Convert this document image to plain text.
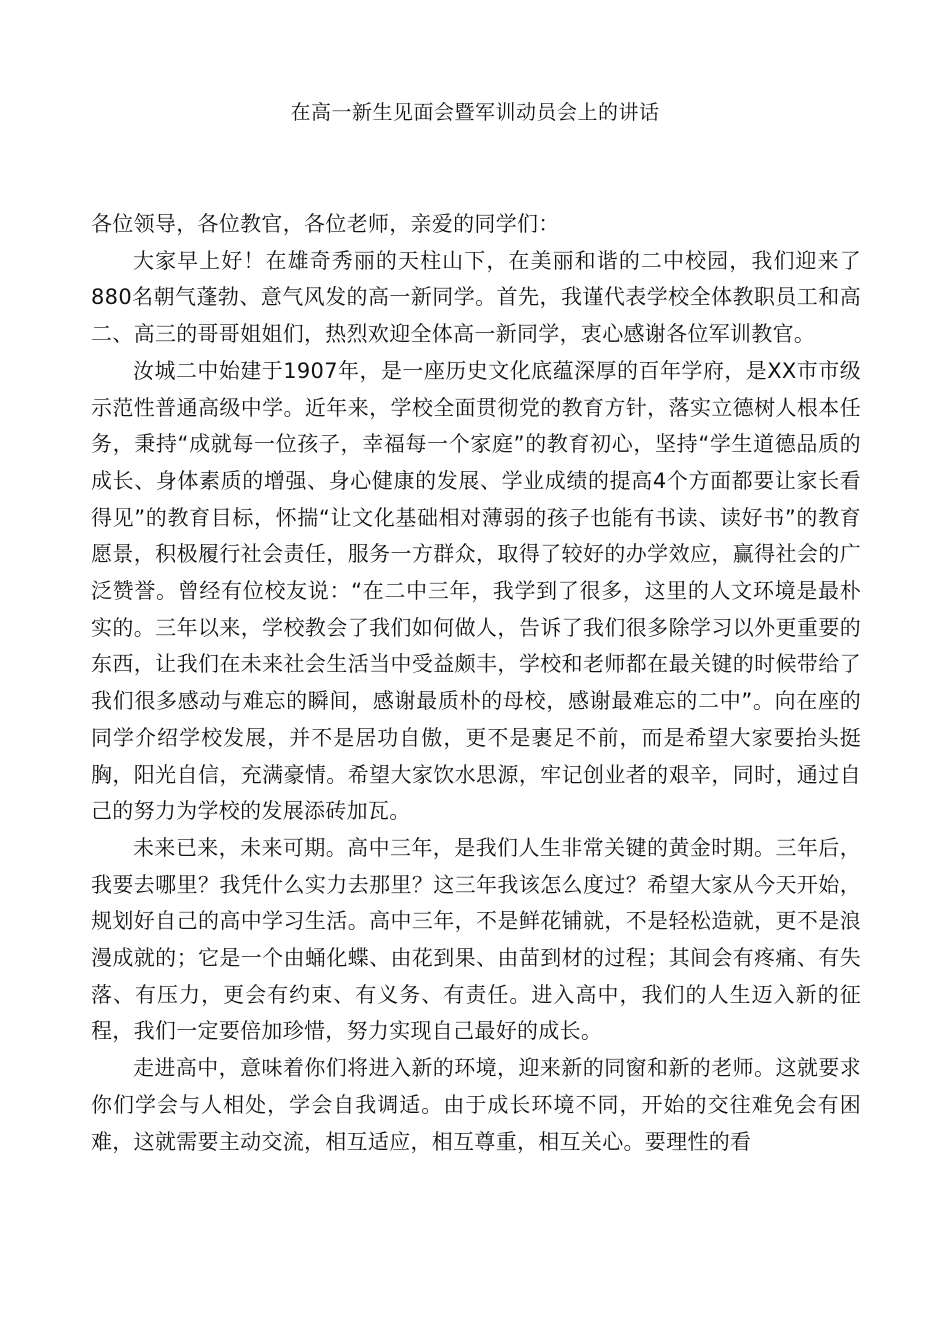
在高一新生见面会暨军训动员会上的讲话

各位领导，各位教官，各位老师，亲爱的同学们：

大家早上好！在雄奇秀丽的天柱山下，在美丽和谐的二中校园，我们迎来了880名朝气蓬勃、意气风发的高一新同学。首先，我谨代表学校全体教职员工和高二、高三的哥哥姐姐们，热烈欢迎全体高一新同学，衷心感谢各位军训教官。

汝城二中始建于1907年，是一座历史文化底蕴深厚的百年学府，是XX市市级示范性普通高级中学。近年来，学校全面贯彻党的教育方针，落实立德树人根本任务，秉持“成就每一位孩子，幸福每一个家庭”的教育初心，坚持“学生道德品质的成长、身体素质的增强、身心健康的发展、学业成绩的提高4个方面都要让家长看得见”的教育目标，怀揣“让文化基础相对薄弱的孩子也能有书读、读好书”的教育愿景，积极履行社会责任，服务一方群众，取得了较好的办学效应，赢得社会的广泛赞誉。曾经有位校友说：“在二中三年，我学到了很多，这里的人文环境是最朴实的。三年以来，学校教会了我们如何做人，告诉了我们很多除学习以外更重要的东西，让我们在未来社会生活当中受益颇丰，学校和老师都在最关键的时候带给了我们很多感动与难忘的瞬间，感谢最质朴的母校，感谢最难忘的二中”。向在座的同学介绍学校发展，并不是居功自傲，更不是裹足不前，而是希望大家要抬头挺胸，阳光自信，充满豪情。希望大家饮水思源，牢记创业者的艰辛，同时，通过自己的努力为学校的发展添砖加瓦。

未来已来，未来可期。高中三年，是我们人生非常关键的黄金时期。三年后，我要去哪里？我凭什么实力去那里？这三年我该怎么度过？希望大家从今天开始，规划好自己的高中学习生活。高中三年，不是鲜花铺就，不是轻松造就，更不是浪漫成就的；它是一个由蛹化蝶、由花到果、由苗到材的过程；其间会有疼痛、有失落、有压力，更会有约束、有义务、有责任。进入高中，我们的人生迈入新的征程，我们一定要倍加珍惜，努力实现自己最好的成长。

走进高中，意味着你们将进入新的环境，迎来新的同窗和新的老师。这就要求你们学会与人相处，学会自我调适。由于成长环境不同，开始的交往难免会有困难，这就需要主动交流，相互适应，相互尊重，相互关心。要理性的看
